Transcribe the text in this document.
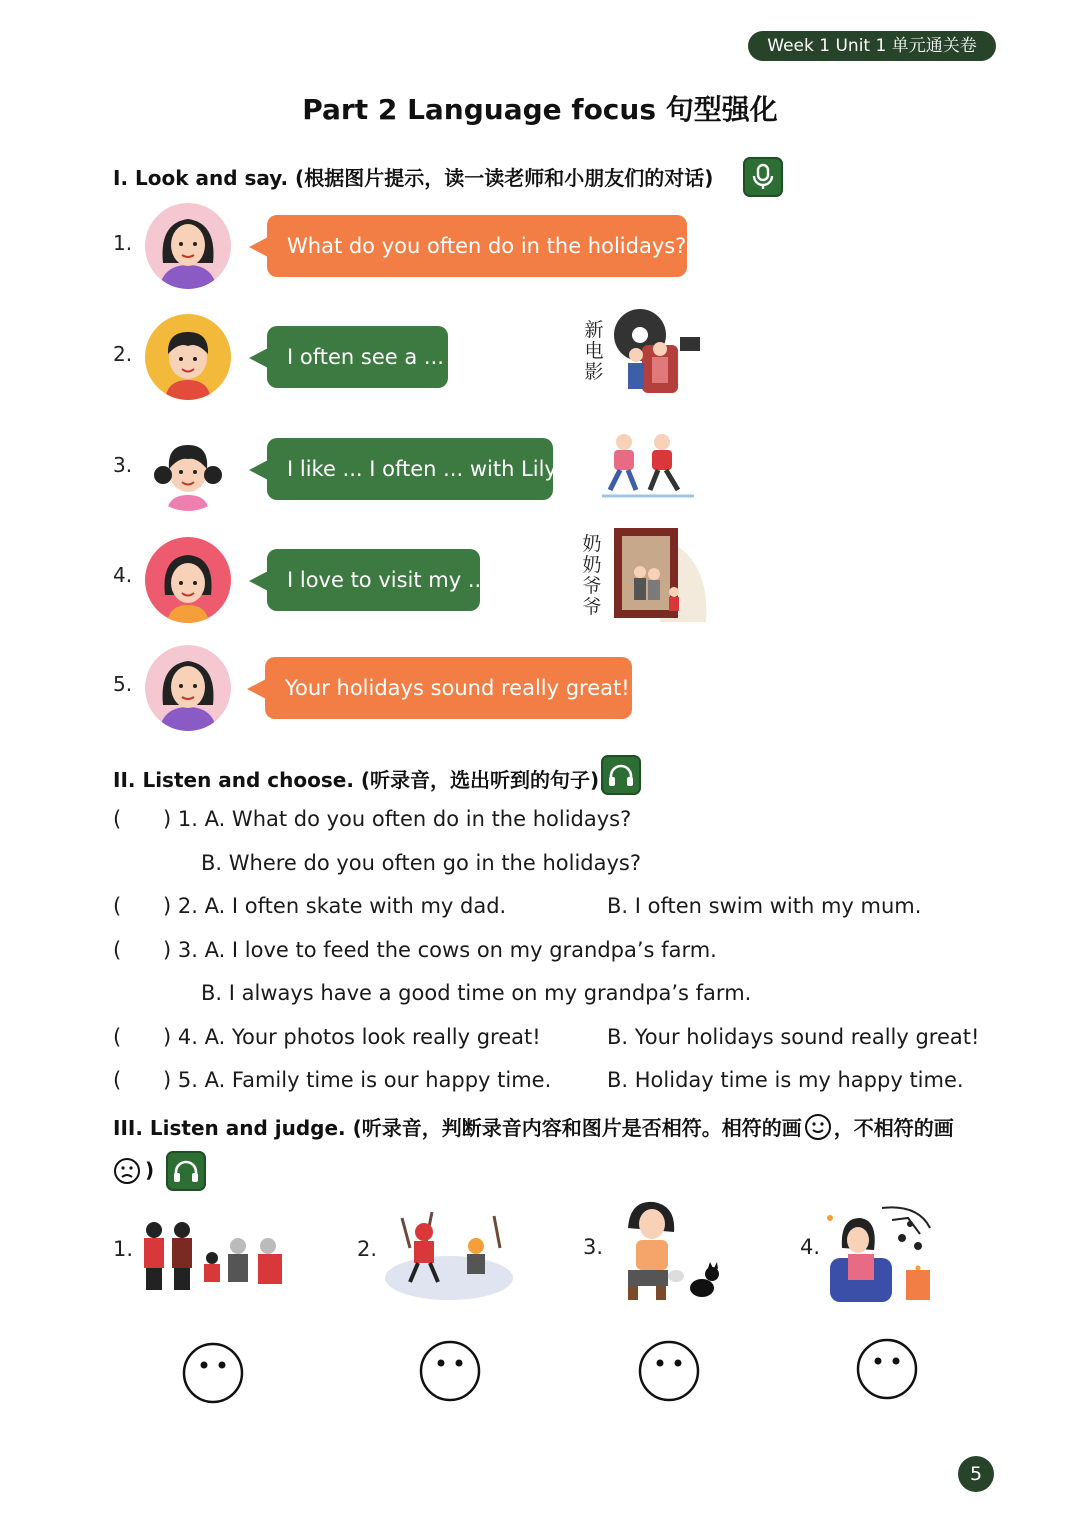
Week 1 Unit 1 单元通关卷
Part 2 Language focus 句型强化
I. Look and say. (根据图片提示，读一读老师和小朋友们的对话)
1.	What do you often do in the holidays?
2.	I often see a ...
新
电
影
3.	I like ... I often ... with Lily.
4.	I love to visit my ...
奶
奶
爷
爷
5.	Your holidays sound really great!
II. Listen and choose. (听录音，选出听到的句子)
( ) 1. A. What do you often do in the holidays?
B. Where do you often go in the holidays?
( ) 2. A. I often skate with my dad.	B. I often swim with my mum.
( ) 3. A. I love to feed the cows on my grandpa’s farm.
B. I always have a good time on my grandpa’s farm.
( ) 4. A. Your photos look really great!	B. Your holidays sound really great!
( ) 5. A. Family time is our happy time.	B. Holiday time is my happy time.
III. Listen and judge. (听录音，判断录音内容和图片是否相符。相符的画 ，不相符的画
)
1.	2.	3.	4.
5
